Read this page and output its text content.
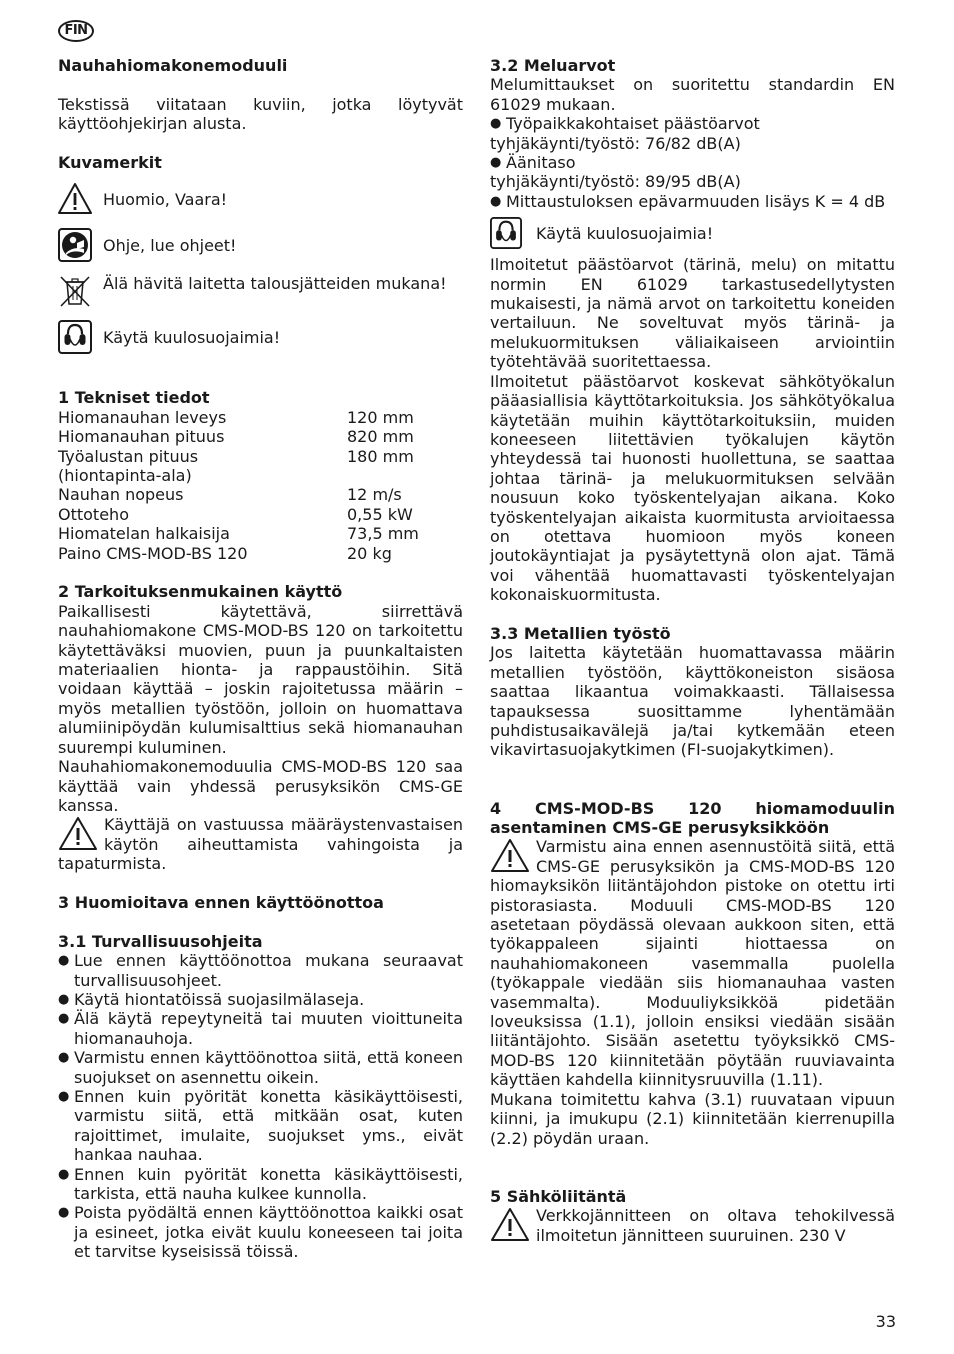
FIN
Nauhahiomakonemoduuli

Tekstissä viitataan kuviin, jotka löytyvät käyttöohjekirjan alusta.

Kuvamerkit
Huomio, Vaara!
Ohje, lue ohjeet!
Älä hävitä laitetta talousjätteiden mukana!
Käytä kuulosuojaimia!
1 Tekniset tiedot
Hiomanauhan leveys	120 mm
Hiomanauhan pituus	820 mm
Työalustan pituus (hiontapinta-ala)	180 mm
Nauhan nopeus	12 m/s
Ottoteho	0,55 kW
Hiomatelan halkaisija	73,5 mm
Paino CMS-MOD-BS 120	20 kg
2 Tarkoituksenmukainen käyttö

Paikallisesti käytettävä, siirrettävä nauhahiomakone CMS-MOD-BS 120 on tarkoitettu käytettäväksi muovien, puun ja puunkaltaisten materiaalien hionta- ja rappaustöihin. Sitä voidaan käyttää – joskin rajoitetussa määrin – myös metallien työstöön, jolloin on huomattava alumiinipöydän kulumisalttius sekä hiomanauhan suurempi kuluminen.

Nauhahiomakonemoduulia CMS-MOD-BS 120 saa käyttää vain yhdessä perusyksikön CMS-GE kanssa.

Käyttäjä on vastuussa määräystenvastaisen käytön aiheuttamista vahingoista ja tapaturmista.

3 Huomioitava ennen käyttöönottoa
3.1 Turvallisuusohjeita
● Lue ennen käyttöönottoa mukana seuraavat turvallisuusohjeet.
● Käytä hiontatöissä suojasilmälaseja.
● Älä käytä repeytyneitä tai muuten vioittuneita hiomanauhoja.
● Varmistu ennen käyttöönottoa siitä, että koneen suojukset on asennettu oikein.
● Ennen kuin pyörität konetta käsikäyttöisesti, varmistu siitä, että mitkään osat, kuten rajoittimet, imulaite, suojukset yms., eivät hankaa nauhaa.
● Ennen kuin pyörität konetta käsikäyttöisesti, tarkista, että nauha kulkee kunnolla.
● Poista pyödältä ennen käyttöönottoa kaikki osat ja esineet, jotka eivät kuulu koneeseen tai joita et tarvitse kyseisissä töissä.
3.2 Meluarvot

Melumittaukset on suoritettu standardin EN 61029 mukaan.

● Työpaikkakohtaiset päästöarvot

tyhjäkäynti/työstö: 76/82 dB(A)

● Äänitaso

tyhjäkäynti/työstö: 89/95 dB(A)

● Mittaustuloksen epävarmuuden lisäys K = 4 dB
Käytä kuulosuojaimia!

Ilmoitetut päästöarvot (tärinä, melu) on mitattu normin EN 61029 tarkastusedellytysten mukaisesti, ja nämä arvot on tarkoitettu koneiden vertailuun. Ne soveltuvat myös tärinä- ja melukuormituksen väliaikaiseen arviointiin työtehtävää suoritettaessa.

Ilmoitetut päästöarvot koskevat sähkötyökalun pääasiallisia käyttötarkoituksia. Jos sähkötyökalua käytetään muihin käyttötarkoituksiin, muiden koneeseen liitettävien työkalujen käytön yhteydessä tai huonosti huollettuna, se saattaa johtaa tärinä- ja melukuormituksen selvään nousuun koko työskentelyajan aikana. Koko työskentelyajan aikaista kuormitusta arvioitaessa on otettava huomioon myös koneen joutokäyntiajat ja pysäytettynä olon ajat. Tämä voi vähentää huomattavasti työskentelyajan kokonaiskuormitusta.

3.3 Metallien työstö

Jos laitetta käytetään huomattavassa määrin metallien työstöön, käyttökoneiston sisäosa saattaa likaantua voimakkaasti. Tällaisessa tapauksessa suosittamme lyhentämään puhdistusaikavälejä ja/tai kytkemään eteen vikavirtasuojakytkimen (FI-suojakytkimen).

4 CMS-MOD-BS 120 hiomamoduulin asentaminen CMS-GE perusyksikköön

Varmistu aina ennen asennustöitä siitä, että CMS-GE perusyksikön ja CMS-MOD-BS 120 hiomayksikön liitäntäjohdon pistoke on otettu irti pistorasiasta. Moduuli CMS-MOD-BS 120 asetetaan pöydässä olevaan aukkoon siten, että työkappaleen sijainti hiottaessa on nauhahiomakoneen vasemmalla puolella (työkappale viedään siis hiomanauhaa vasten vasemmalta). Moduuliyksikköä pidetään loveuksissa (1.1), jolloin ensiksi viedään sisään liitäntäjohto. Sisään asetettu työyksikkö CMS-MOD-BS 120 kiinnitetään pöytään ruuviavainta käyttäen kahdella kiinnitysruuvilla (1.11).

Mukana toimitettu kahva (3.1) ruuvataan vipuun kiinni, ja imukupu (2.1) kiinnitetään kierrenupilla (2.2) pöydän uraan.

5 Sähköliitäntä

Verkkojännitteen on oltava tehokilvessä ilmoitetun jännitteen suuruinen. 230 V

33
